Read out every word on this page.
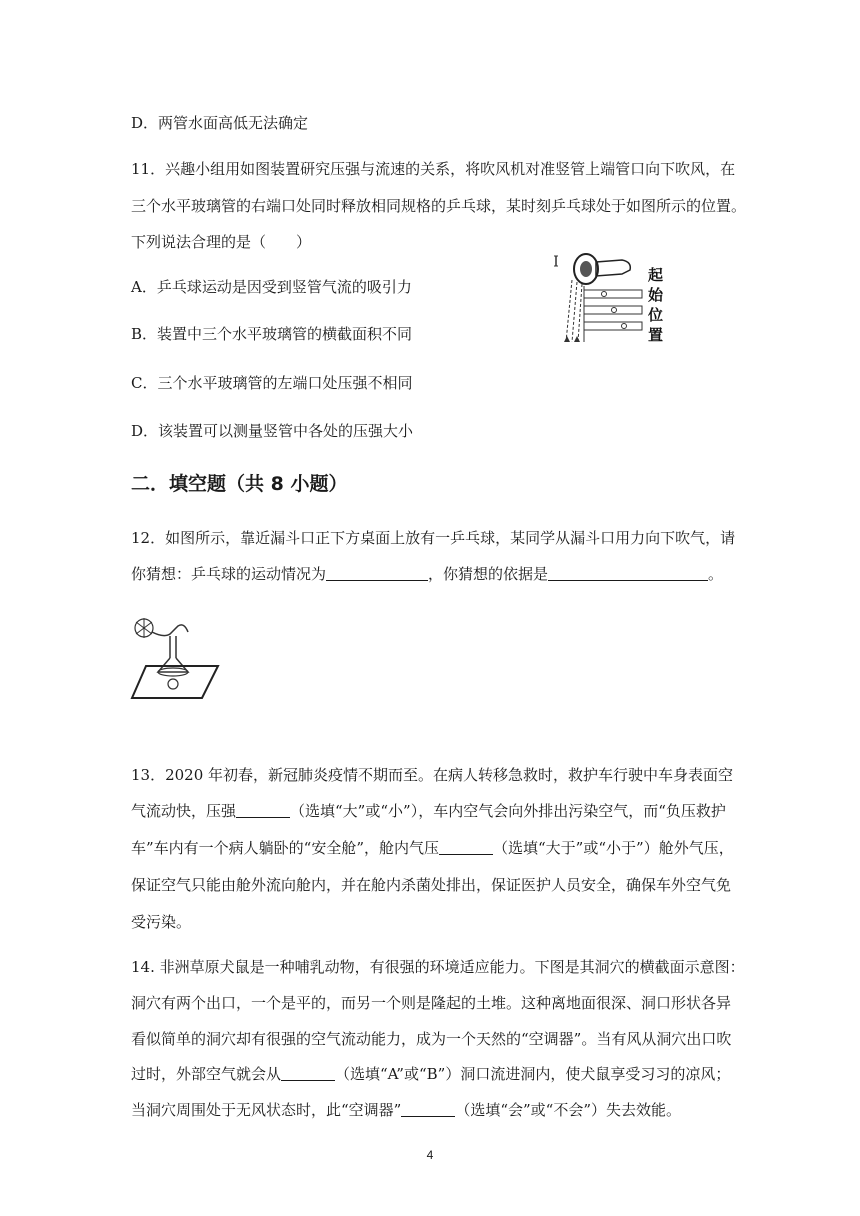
D．两管水面高低无法确定
11．兴趣小组用如图装置研究压强与流速的关系，将吹风机对准竖管上端管口向下吹风，在
三个水平玻璃管的右端口处同时释放相同规格的乒乓球，某时刻乒乓球处于如图所示的位置。
下列说法合理的是（　　）
A．乒乓球运动是因受到竖管气流的吸引力
B．装置中三个水平玻璃管的横截面积不同
C．三个水平玻璃管的左端口处压强不相同
D．该装置可以测量竖管中各处的压强大小
起
始
位
置
二．填空题（共 8 小题）
12．如图所示，靠近漏斗口正下方桌面上放有一乒乓球，某同学从漏斗口用力向下吹气，请
你猜想：乒乓球的运动情况为	，你猜想的依据是	。
13．2020 年初春，新冠肺炎疫情不期而至。在病人转移急救时，救护车行驶中车身表面空
气流动快，压强	（选填“大”或“小”），车内空气会向外排出污染空气，而“负压救护
车”车内有一个病人躺卧的“安全舱”，舱内气压	（选填“大于”或“小于”）舱外气压，
保证空气只能由舱外流向舱内，并在舱内杀菌处排出，保证医护人员安全，确保车外空气免
受污染。
14. 非洲草原犬鼠是一种哺乳动物，有很强的环境适应能力。下图是其洞穴的横截面示意图：
洞穴有两个出口，一个是平的，而另一个则是隆起的土堆。这种离地面很深、洞口形状各异
看似简单的洞穴却有很强的空气流动能力，成为一个天然的“空调器”。当有风从洞穴出口吹
过时，外部空气就会从	（选填“A”或“B”）洞口流进洞内，使犬鼠享受习习的凉风；
当洞穴周围处于无风状态时，此“空调器”	（选填“会”或“不会”）失去效能。
4
